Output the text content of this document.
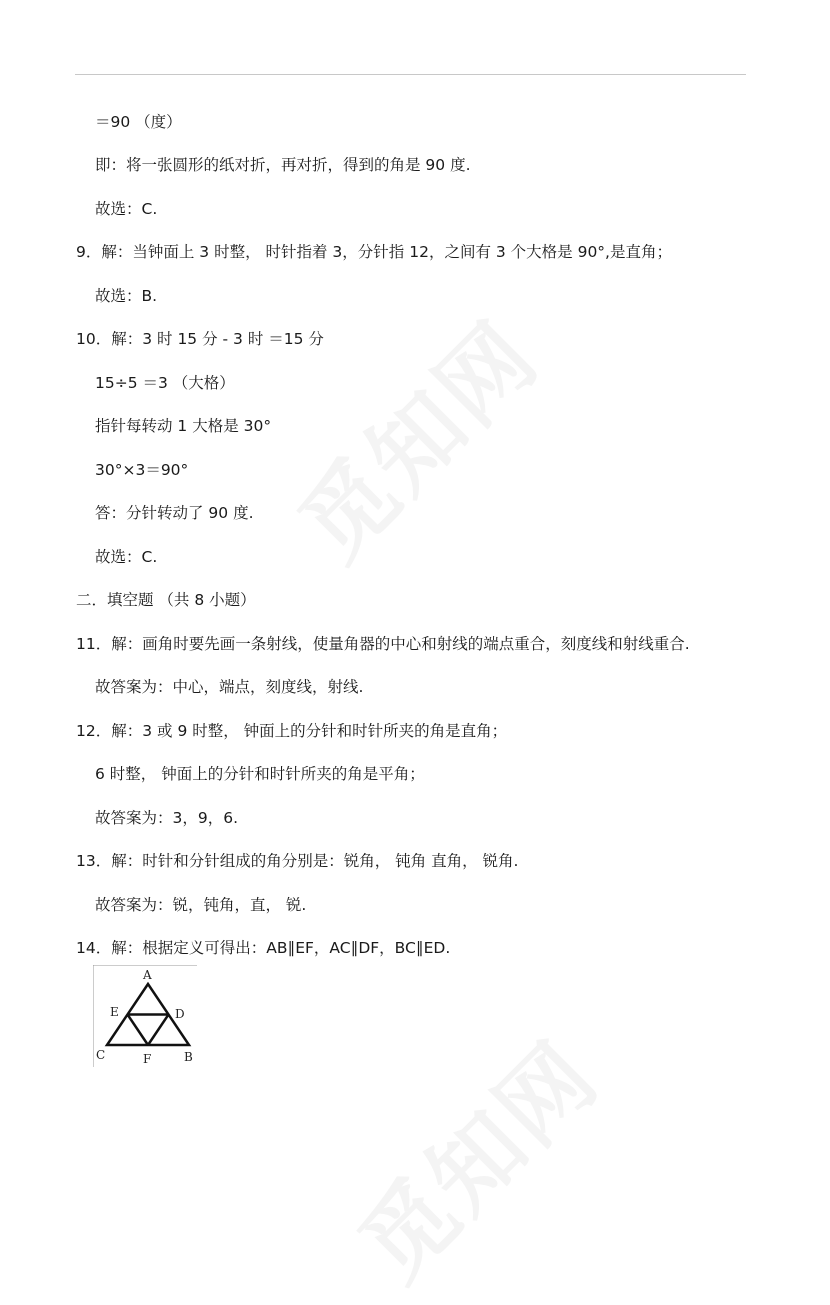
＝90 （度）
即：将一张圆形的纸对折，再对折，得到的角是 90 度.
故选：C.
9．解：当钟面上 3 时整， 时针指着 3，分针指 12，之间有 3 个大格是 90°,是直角；
故选：B.
10．解：3 时 15 分 - 3 时 ＝15 分
15÷5 ＝3 （大格）
指针每转动 1 大格是 30°
30°×3＝90°
答：分针转动了 90 度.
故选：C.
二．填空题 （共 8 小题）
11．解：画角时要先画一条射线，使量角器的中心和射线的端点重合，刻度线和射线重合.
故答案为：中心，端点，刻度线，射线.
12．解：3 或 9 时整， 钟面上的分针和时针所夹的角是直角；
6 时整， 钟面上的分针和时针所夹的角是平角；
故答案为：3，9，6.
13．解：时针和分针组成的角分别是：锐角， 钝角 直角， 锐角.
故答案为：锐，钝角，直， 锐.
14．解：根据定义可得出：AB∥EF，AC∥DF，BC∥ED.
A
E	D
C	F	B
